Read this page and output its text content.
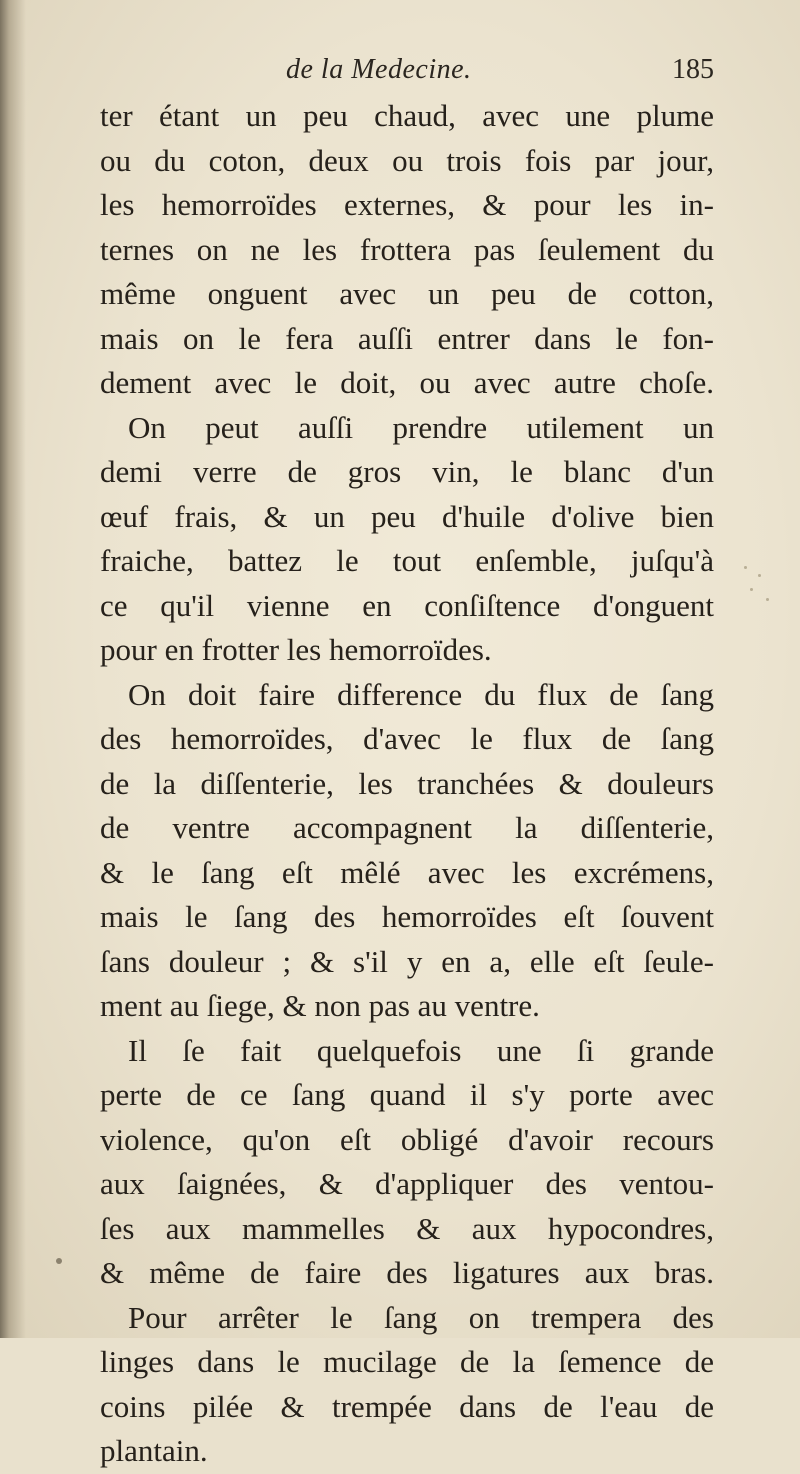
de la Medecine.	185
ter étant un peu chaud, avec une plume
ou du coton, deux ou trois fois par jour,
les hemorroïdes externes, & pour les in-
ternes on ne les frottera pas ſeulement du
même onguent avec un peu de cotton,
mais on le fera auſſi entrer dans le fon-
dement avec le doit, ou avec autre choſe.
On peut auſſi prendre utilement un
demi verre de gros vin, le blanc d'un
œuf frais, & un peu d'huile d'olive bien
fraiche, battez le tout enſemble, juſqu'à
ce qu'il vienne en conſiſtence d'onguent
pour en frotter les hemorroïdes.
On doit faire difference du flux de ſang
des hemorroïdes, d'avec le flux de ſang
de la diſſenterie, les tranchées & douleurs
de ventre accompagnent la diſſenterie,
& le ſang eſt mêlé avec les excrémens,
mais le ſang des hemorroïdes eſt ſouvent
ſans douleur ; & s'il y en a, elle eſt ſeule-
ment au ſiege, & non pas au ventre.
Il ſe fait quelquefois une ſi grande
perte de ce ſang quand il s'y porte avec
violence, qu'on eſt obligé d'avoir recours
aux ſaignées, & d'appliquer des ventou-
ſes aux mammelles & aux hypocondres,
& même de faire des ligatures aux bras.
Pour arrêter le ſang on trempera des
linges dans le mucilage de la ſemence de
coins pilée & trempée dans de l'eau de
plantain.
